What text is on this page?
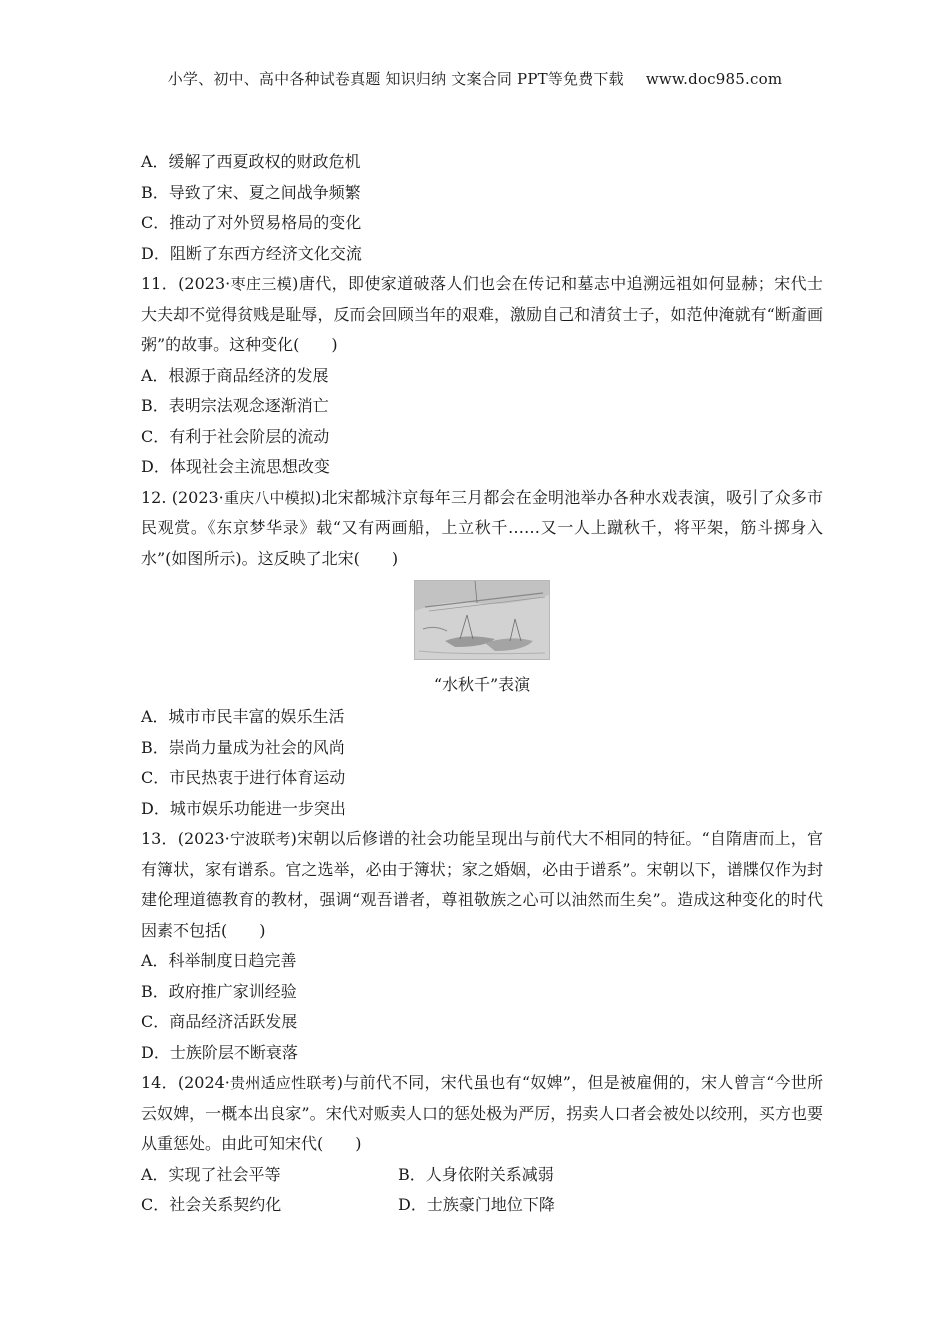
小学、初中、高中各种试卷真题 知识归纳 文案合同 PPT等免费下载 www.doc985.com
A．缓解了西夏政权的财政危机
B．导致了宋、夏之间战争频繁
C．推动了对外贸易格局的变化
D．阻断了东西方经济文化交流
11．(2023·枣庄三模)唐代，即使家道破落人们也会在传记和墓志中追溯远祖如何显赫；宋代士大夫却不觉得贫贱是耻辱，反而会回顾当年的艰难，激励自己和清贫士子，如范仲淹就有“断齑画粥”的故事。这种变化(　　)
A．根源于商品经济的发展
B．表明宗法观念逐渐消亡
C．有利于社会阶层的流动
D．体现社会主流思想改变
12. (2023·重庆八中模拟)北宋都城汴京每年三月都会在金明池举办各种水戏表演，吸引了众多市民观赏。《东京梦华录》载“又有两画船，上立秋千……又一人上蹴秋千，将平架，筋斗掷身入水”(如图所示)。这反映了北宋(　　)
“水秋千”表演
A．城市市民丰富的娱乐生活
B．崇尚力量成为社会的风尚
C．市民热衷于进行体育运动
D．城市娱乐功能进一步突出
13．(2023·宁波联考)宋朝以后修谱的社会功能呈现出与前代大不相同的特征。“自隋唐而上，官有簿状，家有谱系。官之选举，必由于簿状；家之婚姻，必由于谱系”。宋朝以下，谱牒仅作为封建伦理道德教育的教材，强调“观吾谱者，尊祖敬族之心可以油然而生矣”。造成这种变化的时代因素不包括(　　)
A．科举制度日趋完善
B．政府推广家训经验
C．商品经济活跃发展
D．士族阶层不断衰落
14．(2024·贵州适应性联考)与前代不同，宋代虽也有“奴婢”，但是被雇佣的，宋人曾言“今世所云奴婢，一概本出良家”。宋代对贩卖人口的惩处极为严厉，拐卖人口者会被处以绞刑，买方也要从重惩处。由此可知宋代(　　)
A．实现了社会平等	B．人身依附关系减弱
C．社会关系契约化	D．士族豪门地位下降
